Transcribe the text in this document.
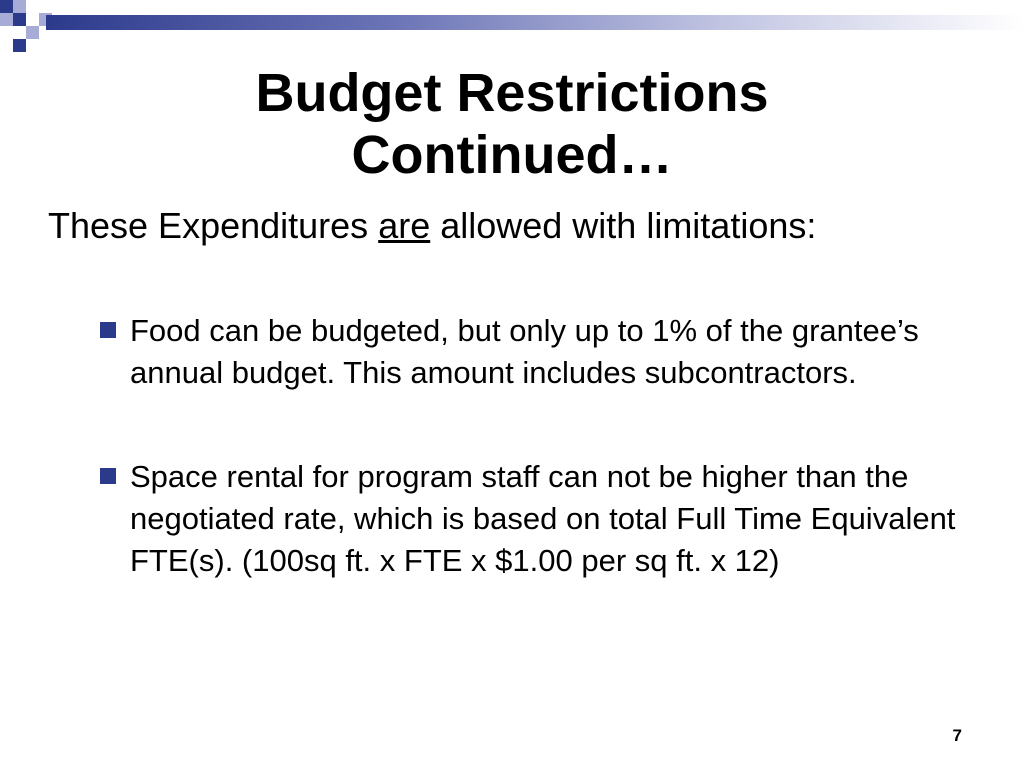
Budget Restrictions
Continued…

These Expenditures are allowed with limitations:

Food can be budgeted, but only up to 1% of the grantee’s annual budget. This amount includes subcontractors.
Space rental for program staff can not be higher than the negotiated rate, which is based on total Full Time Equivalent FTE(s). (100sq ft. x FTE x $1.00 per sq ft. x 12)
7
